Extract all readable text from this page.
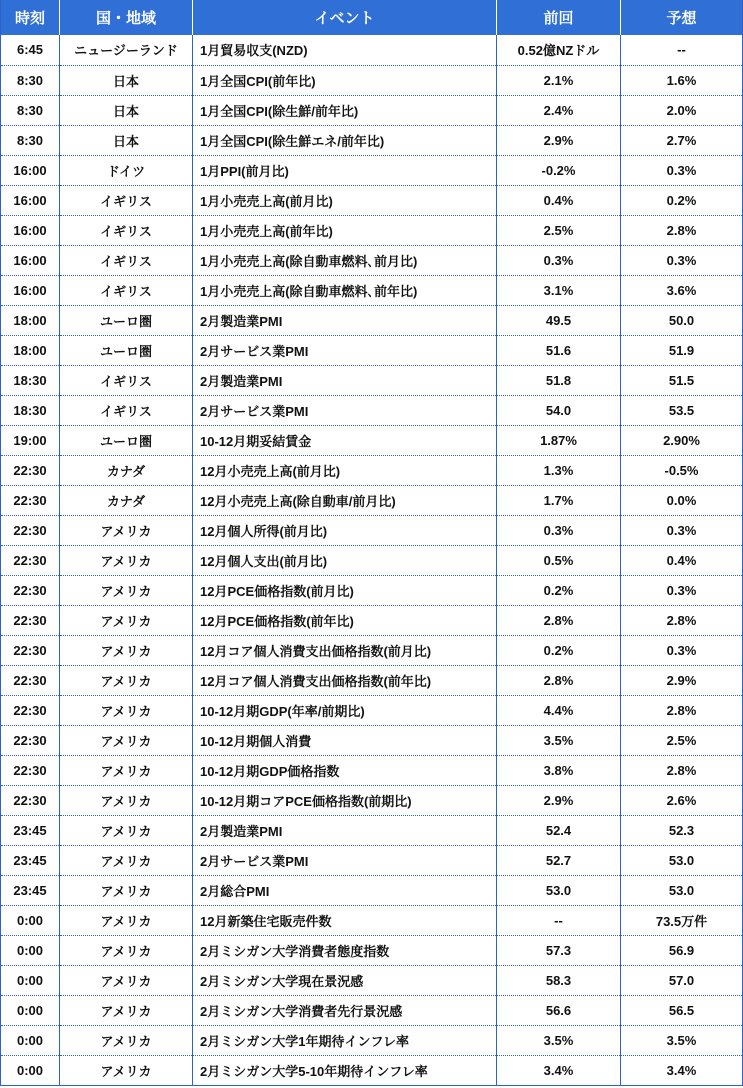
時刻	国・地域	イベント	前回	予想
6:45	ニュージーランド	1月貿易収支(NZD)	0.52億NZドル	--
8:30	日本	1月全国CPI(前年比)	2.1%	1.6%
8:30	日本	1月全国CPI(除生鮮/前年比)	2.4%	2.0%
8:30	日本	1月全国CPI(除生鮮エネ/前年比)	2.9%	2.7%
16:00	ドイツ	1月PPI(前月比)	-0.2%	0.3%
16:00	イギリス	1月小売売上高(前月比)	0.4%	0.2%
16:00	イギリス	1月小売売上高(前年比)	2.5%	2.8%
16:00	イギリス	1月小売売上高(除自動車燃料､前月比)	0.3%	0.3%
16:00	イギリス	1月小売売上高(除自動車燃料､前年比)	3.1%	3.6%
18:00	ユーロ圏	2月製造業PMI	49.5	50.0
18:00	ユーロ圏	2月サービス業PMI	51.6	51.9
18:30	イギリス	2月製造業PMI	51.8	51.5
18:30	イギリス	2月サービス業PMI	54.0	53.5
19:00	ユーロ圏	10-12月期妥結賃金	1.87%	2.90%
22:30	カナダ	12月小売売上高(前月比)	1.3%	-0.5%
22:30	カナダ	12月小売売上高(除自動車/前月比)	1.7%	0.0%
22:30	アメリカ	12月個人所得(前月比)	0.3%	0.3%
22:30	アメリカ	12月個人支出(前月比)	0.5%	0.4%
22:30	アメリカ	12月PCE価格指数(前月比)	0.2%	0.3%
22:30	アメリカ	12月PCE価格指数(前年比)	2.8%	2.8%
22:30	アメリカ	12月コア個人消費支出価格指数(前月比)	0.2%	0.3%
22:30	アメリカ	12月コア個人消費支出価格指数(前年比)	2.8%	2.9%
22:30	アメリカ	10-12月期GDP(年率/前期比)	4.4%	2.8%
22:30	アメリカ	10-12月期個人消費	3.5%	2.5%
22:30	アメリカ	10-12月期GDP価格指数	3.8%	2.8%
22:30	アメリカ	10-12月期コアPCE価格指数(前期比)	2.9%	2.6%
23:45	アメリカ	2月製造業PMI	52.4	52.3
23:45	アメリカ	2月サービス業PMI	52.7	53.0
23:45	アメリカ	2月総合PMI	53.0	53.0
0:00	アメリカ	12月新築住宅販売件数	--	73.5万件
0:00	アメリカ	2月ミシガン大学消費者態度指数	57.3	56.9
0:00	アメリカ	2月ミシガン大学現在景況感	58.3	57.0
0:00	アメリカ	2月ミシガン大学消費者先行景況感	56.6	56.5
0:00	アメリカ	2月ミシガン大学1年期待インフレ率	3.5%	3.5%
0:00	アメリカ	2月ミシガン大学5-10年期待インフレ率	3.4%	3.4%
